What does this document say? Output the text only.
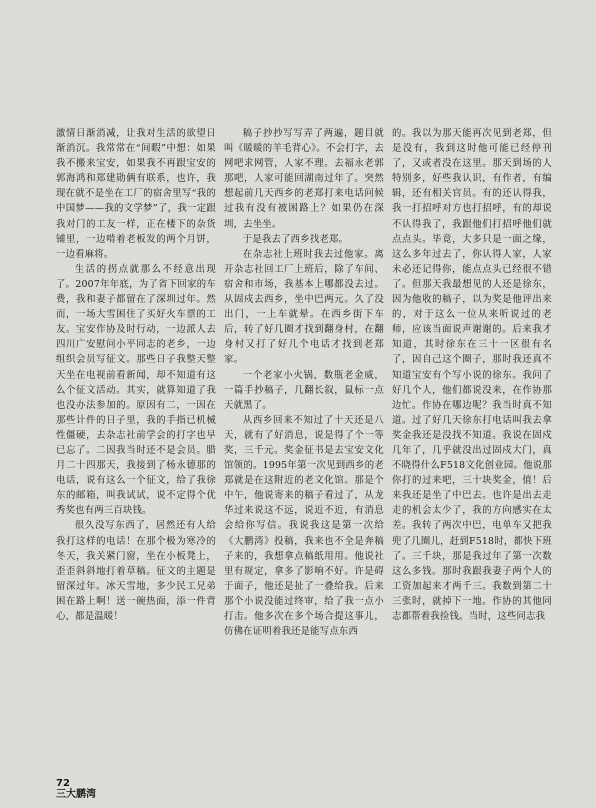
激情日渐消减，让我对生活的欲望日渐消沉。我常常在“间暇”中想：如果我不搬来宝安，如果我不再跟宝安的郭海鸿和郑建勋俩有联系，也许，我现在就不是坐在工厂的宿舍里写“我的中国梦——我的文学梦”了，我一定跟我对门的工友一样，正在楼下的杂货铺里，一边啃着老板发的两个月饼，一边看麻将。

生活的拐点就那么不经意出现了。2007年年底，为了省下回家的车费，我和妻子都留在了深圳过年。然而，一场大雪困住了买好火车票的工友。宝安作协及时行动，一边派人去四川广安慰问小平同志的老乡，一边组织会员写征文。那些日子我整天整天坐在电视前看新闻，却不知道有这么个征文活动。其实，就算知道了我也没办法参加的。原因有二，一因在那些计件的日子里，我的手指已机械性僵硬，去杂志社前学会的打字也早已忘了。二因我当时还不是会员。腊月二十四那天，我接到了杨永德那的电话，说有这么一个征文，给了我徐东的邮箱，叫我试试，说不定得个优秀奖也有两三百块钱。

很久没写东西了，居然还有人给我打这样的电话！在那个极为寒冷的冬天，我关紧门窗，坐在小板凳上，歪歪斜斜地打着草稿。征文的主题是留深过年。冰天雪地，多少民工兄弟困在路上啊！送一碗热面，添一件背心，都是温暖！

稿子抄抄写写弄了两遍，题目就叫《暖暖的羊毛背心》。不会打字，去网吧求网管，人家不理。去福永老郭那吧，人家可能回湖南过年了。突然想起前几天西乡的老郑打来电话问候过我有没有被困路上？如果仍在深圳，去坐坐。

于是我去了西乡找老郑。

在杂志社上班时我去过他家。离开杂志社回工厂上班后，除了车间、宿舍和市场，我基本上哪都没去过。从固戍去西乡，坐中巴两元。久了没出门，一上车就晕。在西乡街下车后，转了好几圈才找到翻身村，在翻身村又打了好几个电话才找到老郑家。

一个老家小火锅，数瓶老金威，一篇手抄稿子，几翻长叙，鼠标一点天就黑了。

从西乡回来不知过了十天还是八天，就有了好消息，说是得了个一等奖，三千元。奖金征书是去宝安文化馆领的。1995年第一次见到西乡的老郑就是在这附近的老文化馆。那是个中午，他说寄来的稿子看过了，从龙华过来说这不远，说近不近，有消息会给你写信。我说我这是第一次给《大鹏湾》投稿，我来也不全是奔稿子来的，我想拿点稿纸用用。他说社里有规定，拿多了影响不好。许是碍于面子，他还是扯了一叠给我。后来那个小说没能过终审，给了我一点小打击。他多次在多个场合提这事儿，仿佛在证明着我还是能写点东西

的。我以为那天能再次见到老郑，但是没有，我到这时他可能已经停刊了，又或者没在这里。那天到场的人特别多，好些我认识，有作者，有编辑，还有相关官员。有的还认得我，我一打招呼对方也打招呼，有的却说不认得我了，我跟他们打招呼他们就点点头。毕竟，大多只是一面之缘，这么多年过去了，你认得人家，人家未必还记得你，能点点头已经很不错了。但那天我最想见的人还是徐东，因为他收的稿子，以为奖是他评出来的，对于这么一位从来听说过的老师，应该当面说声谢谢的。后来我才知道，其时徐东在三十一区很有名了，因自己这个圈子，那时我还真不知道宝安有个写小说的徐东。我问了好几个人，他们都说没来，在作协那边忙。作协在哪边呢？我当时真不知道。过了好几天徐东打电话叫我去拿奖金我还是没找不知道。我说在固戍几年了，几乎就没出过固戍大门，真不晓得什么F518文化创业园。他说那你打的过来吧，三十块奖金，值！后来我还是坐了中巴去。也许是出去走走的机会太少了，我的方向感实在太差。我转了两次中巴，电单车又把我兜了几圈儿，赶到F518时，都快下班了。三千块，那是我过年了第一次数这么多钱。那时我跟我妻子两个人的工资加起来才两千三。我数到第二十三张时，就掉下一地。作协的其他同志都帮着我捡钱。当时，这些同志我

72
三大鹏湾
